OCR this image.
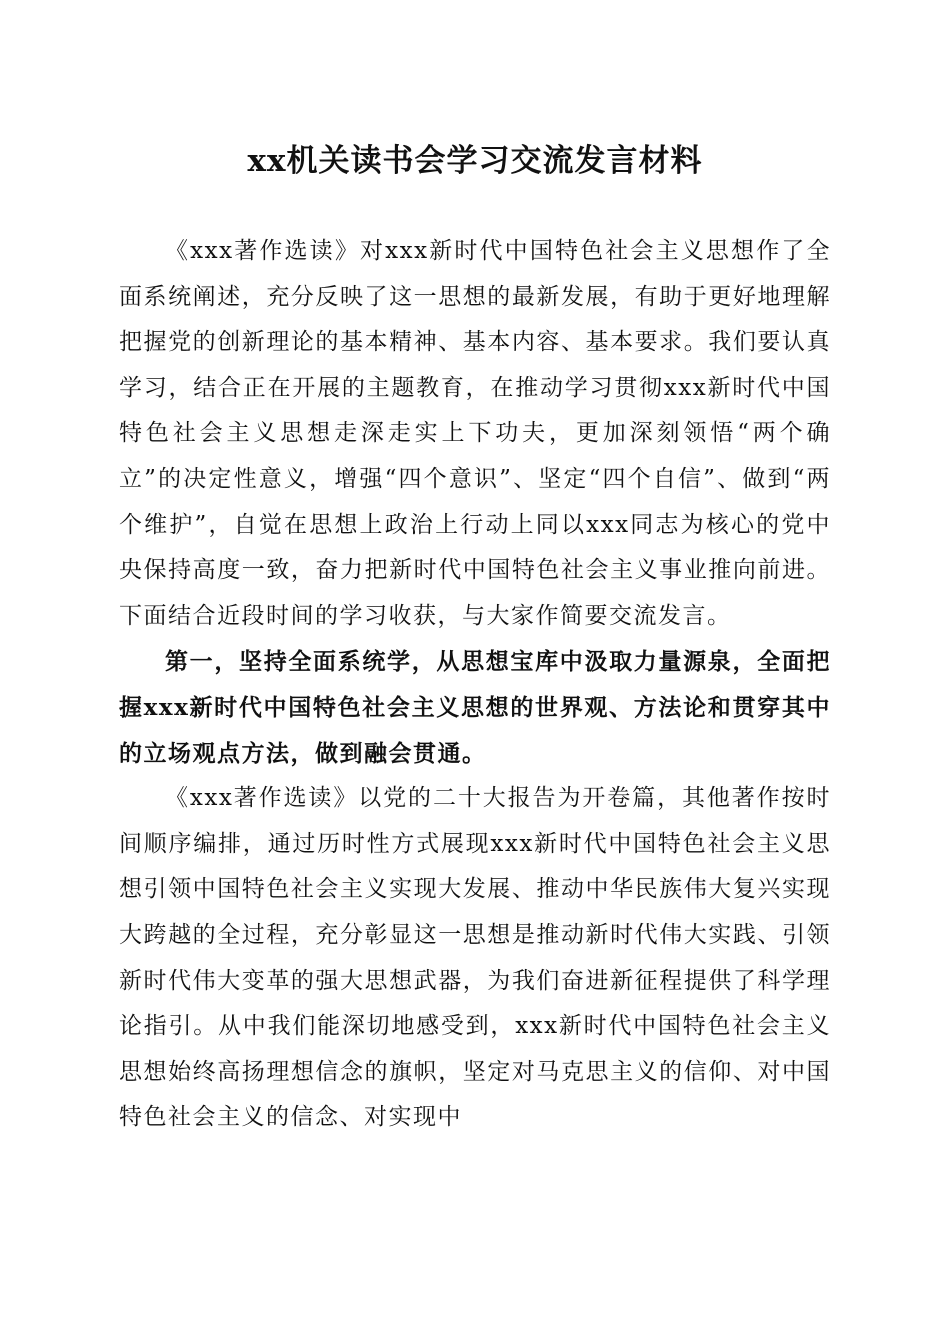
xx机关读书会学习交流发言材料

《xxx著作选读》对xxx新时代中国特色社会主义思想作了全面系统阐述，充分反映了这一思想的最新发展，有助于更好地理解把握党的创新理论的基本精神、基本内容、基本要求。我们要认真学习，结合正在开展的主题教育，在推动学习贯彻xxx新时代中国特色社会主义思想走深走实上下功夫，更加深刻领悟“两个确立”的决定性意义，增强“四个意识”、坚定“四个自信”、做到“两个维护”，自觉在思想上政治上行动上同以xxx同志为核心的党中央保持高度一致，奋力把新时代中国特色社会主义事业推向前进。下面结合近段时间的学习收获，与大家作简要交流发言。

第一，坚持全面系统学，从思想宝库中汲取力量源泉，全面把握xxx新时代中国特色社会主义思想的世界观、方法论和贯穿其中的立场观点方法，做到融会贯通。

《xxx著作选读》以党的二十大报告为开卷篇，其他著作按时间顺序编排，通过历时性方式展现xxx新时代中国特色社会主义思想引领中国特色社会主义实现大发展、推动中华民族伟大复兴实现大跨越的全过程，充分彰显这一思想是推动新时代伟大实践、引领新时代伟大变革的强大思想武器，为我们奋进新征程提供了科学理论指引。从中我们能深切地感受到，xxx新时代中国特色社会主义思想始终高扬理想信念的旗帜，坚定对马克思主义的信仰、对中国特色社会主义的信念、对实现中
